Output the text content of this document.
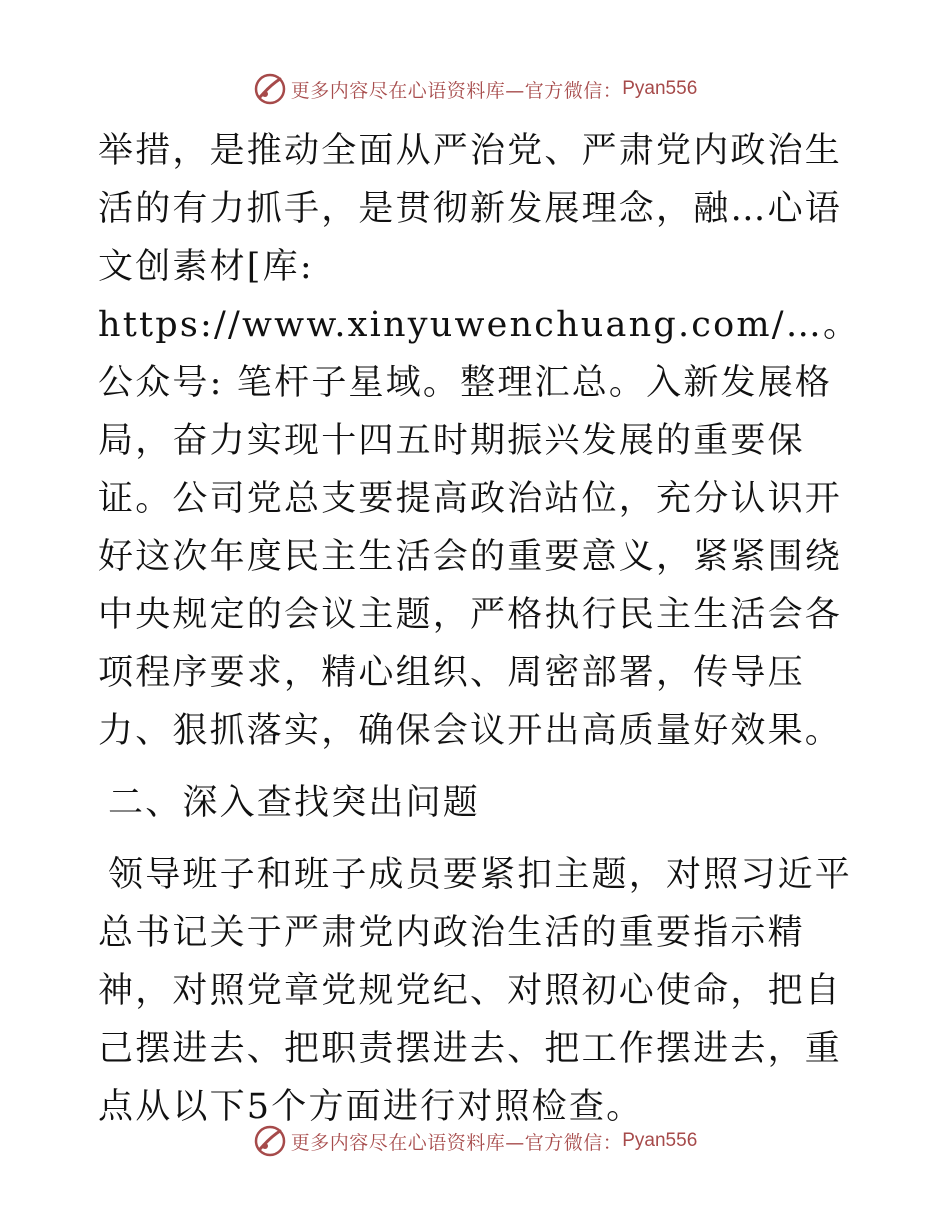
更多内容尽在心语资料库—官方微信： Pyan556

举措，是推动全面从严治党、严肃党内政治生活的有力抓手，是贯彻新发展理念，融…心语文创素材[库: https://www.xinyuwenchuang.com/…。公众号: 笔杆子星域。整理汇总。入新发展格局，奋力实现十四五时期振兴发展的重要保证。公司党总支要提高政治站位，充分认识开好这次年度民主生活会的重要意义，紧紧围绕中央规定的会议主题，严格执行民主生活会各项程序要求，精心组织、周密部署，传导压力、狠抓落实，确保会议开出高质量好效果。

二、深入查找突出问题

领导班子和班子成员要紧扣主题，对照习近平总书记关于严肃党内政治生活的重要指示精神，对照党章党规党纪、对照初心使命，把自己摆进去、把职责摆进去、把工作摆进去，重点从以下5个方面进行对照检查。

更多内容尽在心语资料库—官方微信： Pyan556
